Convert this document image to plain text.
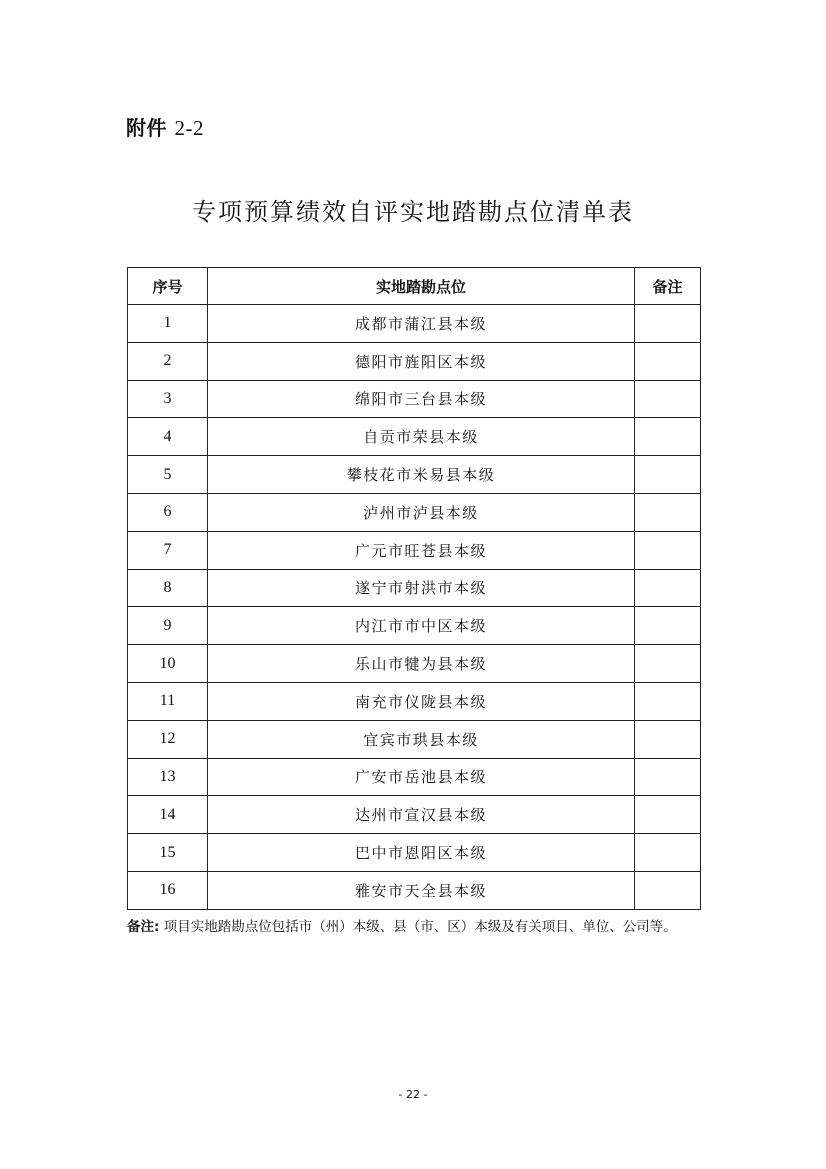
附件 2-2
专项预算绩效自评实地踏勘点位清单表
序号	实地踏勘点位	备注
1	成都市蒲江县本级	
2	德阳市旌阳区本级	
3	绵阳市三台县本级	
4	自贡市荣县本级	
5	攀枝花市米易县本级	
6	泸州市泸县本级	
7	广元市旺苍县本级	
8	遂宁市射洪市本级	
9	内江市市中区本级	
10	乐山市犍为县本级	
11	南充市仪陇县本级	
12	宜宾市珙县本级	
13	广安市岳池县本级	
14	达州市宣汉县本级	
15	巴中市恩阳区本级	
16	雅安市天全县本级	
备注: 项目实地踏勘点位包括市（州）本级、县（市、区）本级及有关项目、单位、公司等。
- 22 -
